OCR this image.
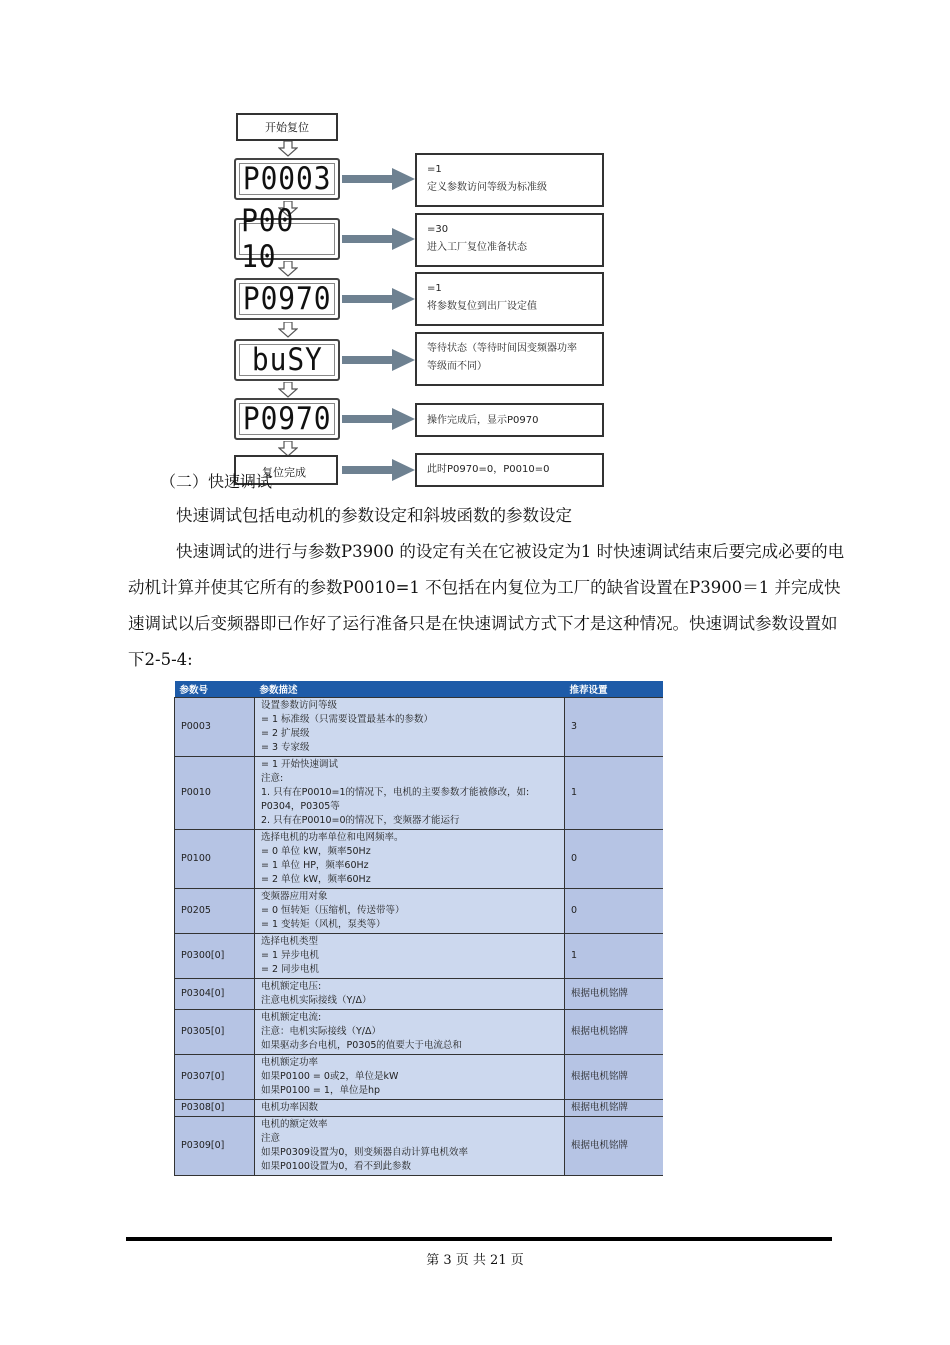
开始复位
P0003	=1
定义参数访问等级为标准级
P00 10
=30
进入工厂复位准备状态
P0970	=1
将参数复位到出厂设定值
buSY	等待状态（等待时间因变频器功率
等级而不同）
P0970	操作完成后，显示P0970
复位完成	此时P0970=0，P0010=0
（二）快速调试
快速调试包括电动机的参数设定和斜坡函数的参数设定
快速调试的进行与参数P3900 的设定有关在它被设定为1 时快速调试结束后要完成必要的电动机计算并使其它所有的参数P0010=1 不包括在内复位为工厂的缺省设置在P3900＝1 并完成快速调试以后变频器即已作好了运行准备只是在快速调试方式下才是这种情况。快速调试参数设置如下2-5-4:
参数号	参数描述	推荐设置
P0003	设置参数访问等级
= 1 标准级（只需要设置最基本的参数）
= 2 扩展级
= 3 专家级	3
P0010	= 1 开始快速调试
注意:
1. 只有在P0010=1的情况下，电机的主要参数才能被修改，如:
P0304，P0305等
2. 只有在P0010=0的情况下，变频器才能运行	1
P0100	选择电机的功率单位和电网频率。
= 0 单位 kW，频率50Hz
= 1 单位 HP，频率60Hz
= 2 单位 kW，频率60Hz	0
P0205	变频器应用对象
= 0 恒转矩（压缩机，传送带等）
= 1 变转矩（风机，泵类等）	0
P0300[0]	选择电机类型
= 1 异步电机
= 2 同步电机	1
P0304[0]	电机额定电压:
注意电机实际接线（Y/Δ）	根据电机铭牌
P0305[0]	电机额定电流:
注意：电机实际接线（Y/Δ）
如果驱动多台电机，P0305的值要大于电流总和	根据电机铭牌
P0307[0]	电机额定功率
如果P0100 = 0或2，单位是kW
如果P0100 = 1，单位是hp	根据电机铭牌
P0308[0]	电机功率因数	根据电机铭牌
P0309[0]	电机的额定效率
注意
如果P0309设置为0，则变频器自动计算电机效率
如果P0100设置为0，看不到此参数	根据电机铭牌
第 3 页 共 21 页
